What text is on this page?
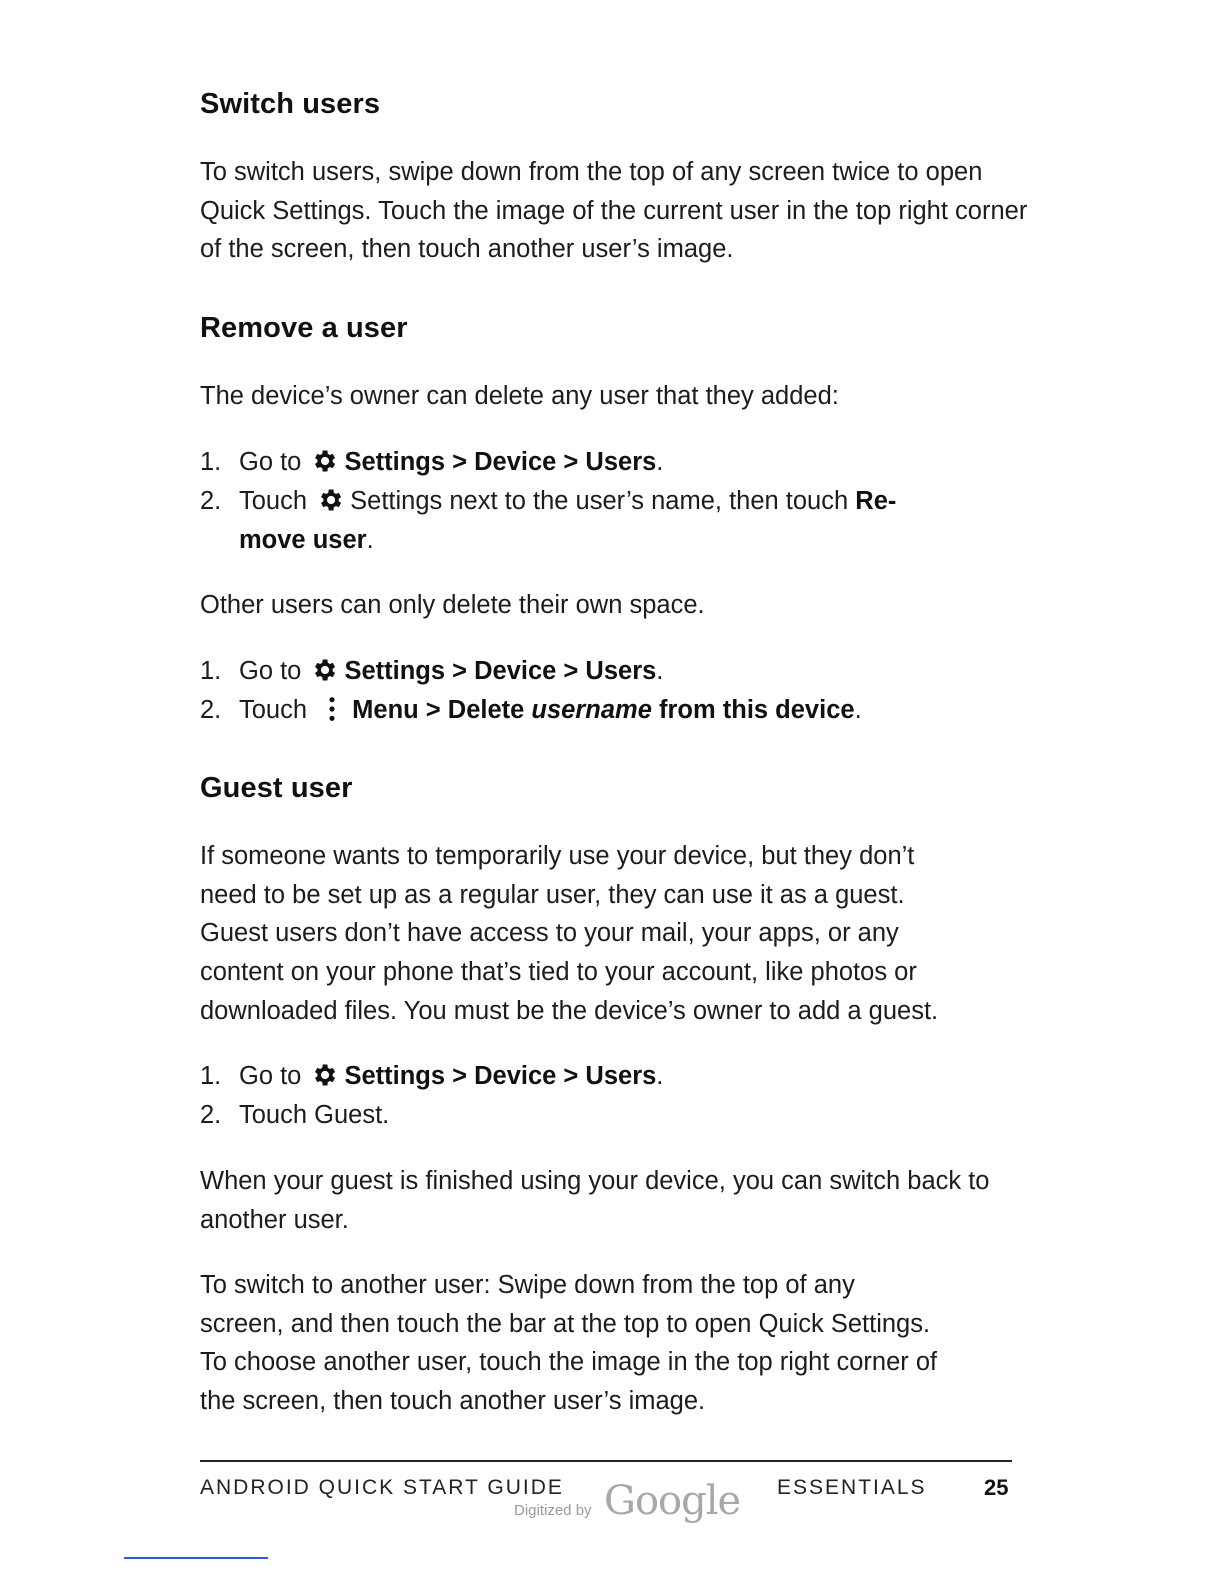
Switch users

To switch users, swipe down from the top of any screen twice to open Quick Settings. Touch the image of the current user in the top right corner of the screen, then touch another user’s image.

Remove a user

The device’s owner can delete any user that they added:

1. Go to Settings > Device > Users.
2. Touch Settings next to the user’s name, then touch Re-
move user.

Other users can only delete their own space.

1. Go to Settings > Device > Users.
2. Touch Menu > Delete username from this device.
Guest user

If someone wants to temporarily use your device, but they don’t
need to be set up as a regular user, they can use it as a guest.
Guest users don’t have access to your mail, your apps, or any
content on your phone that’s tied to your account, like photos or
downloaded files. You must be the device’s owner to add a guest.

1. Go to Settings > Device > Users.
2. Touch Guest.

When your guest is finished using your device, you can switch back to another user.

To switch to another user: Swipe down from the top of any
screen, and then touch the bar at the top to open Quick Settings.
To choose another user, touch the image in the top right corner of
the screen, then touch another user’s image.

ANDROID QUICK START GUIDE	ESSENTIALS	25
Digitized by Google
